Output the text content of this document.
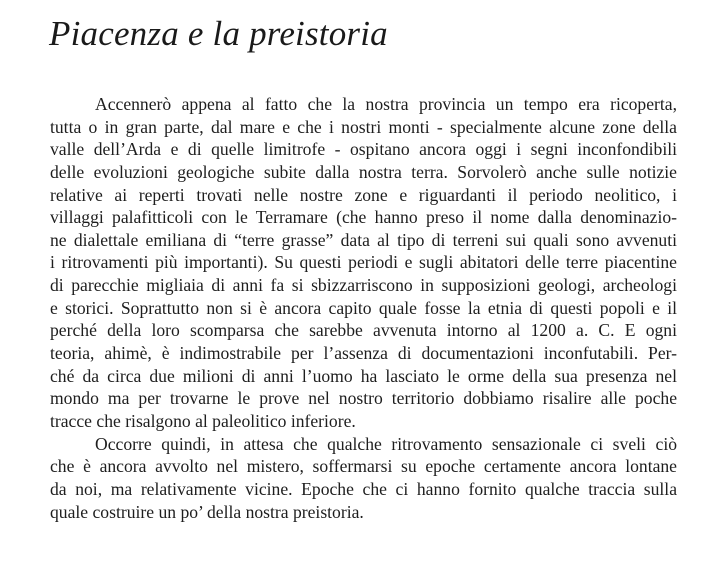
Piacenza e la preistoria
Accennerò appena al fatto che la nostra provincia un tempo era ricoperta,
tutta o in gran parte, dal mare e che i nostri monti - specialmente alcune zone della
valle dell’Arda e di quelle limitrofe - ospitano ancora oggi i segni inconfondibili
delle evoluzioni geologiche subite dalla nostra terra. Sorvolerò anche sulle notizie
relative ai reperti trovati nelle nostre zone e riguardanti il periodo neolitico, i
villaggi palafitticoli con le Terramare (che hanno preso il nome dalla denominazio-
ne dialettale emiliana di “terre grasse” data al tipo di terreni sui quali sono avvenuti
i ritrovamenti più importanti). Su questi periodi e sugli abitatori delle terre piacentine
di parecchie migliaia di anni fa si sbizzarriscono in supposizioni geologi, archeologi
e storici. Soprattutto non si è ancora capito quale fosse la etnia di questi popoli e il
perché della loro scomparsa che sarebbe avvenuta intorno al 1200 a. C. E ogni
teoria, ahimè, è indimostrabile per l’assenza di documentazioni inconfutabili. Per-
ché da circa due milioni di anni l’uomo ha lasciato le orme della sua presenza nel
mondo ma per trovarne le prove nel nostro territorio dobbiamo risalire alle poche
tracce che risalgono al paleolitico inferiore.
Occorre quindi, in attesa che qualche ritrovamento sensazionale ci sveli ciò
che è ancora avvolto nel mistero, soffermarsi su epoche certamente ancora lontane
da noi, ma relativamente vicine. Epoche che ci hanno fornito qualche traccia sulla
quale costruire un po’ della nostra preistoria.
